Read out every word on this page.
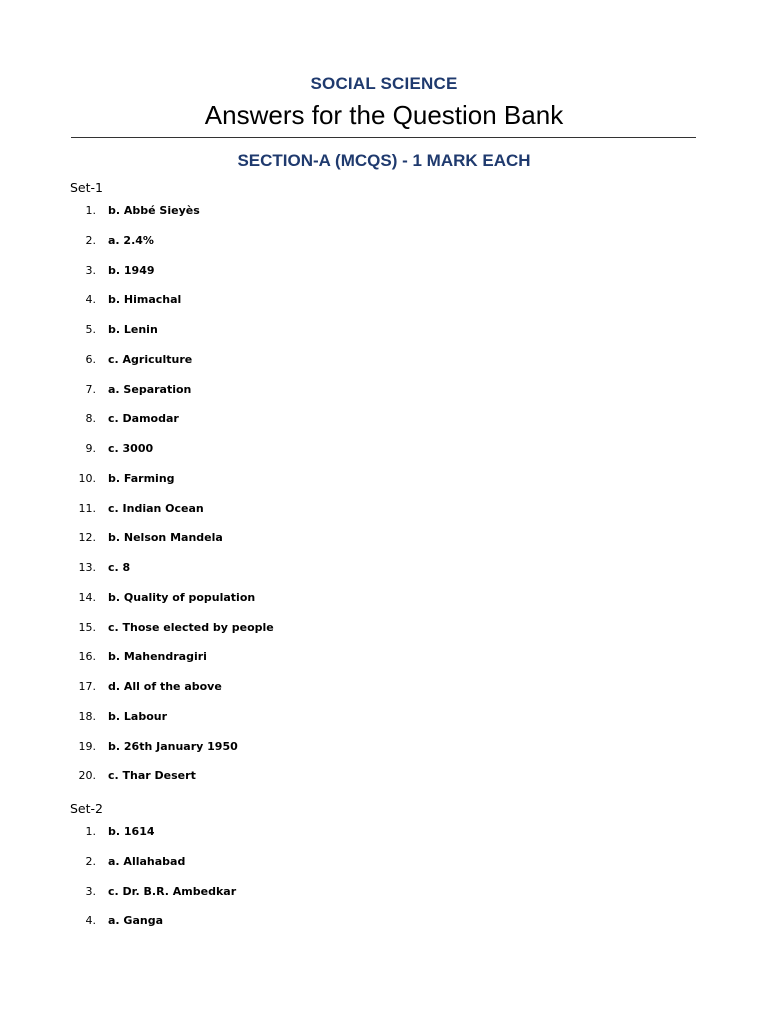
SOCIAL SCIENCE
Answers for the Question Bank
SECTION-A (MCQS) - 1 MARK EACH
Set-1
1. b. Abbé Sieyès
2. a. 2.4%
3. b. 1949
4. b. Himachal
5. b. Lenin
6. c. Agriculture
7. a. Separation
8. c. Damodar
9. c. 3000
10. b. Farming
11. c. Indian Ocean
12. b. Nelson Mandela
13. c. 8
14. b. Quality of population
15. c. Those elected by people
16. b. Mahendragiri
17. d. All of the above
18. b. Labour
19. b. 26th January 1950
20. c. Thar Desert
Set-2
1. b. 1614
2. a. Allahabad
3. c. Dr. B.R. Ambedkar
4. a. Ganga
